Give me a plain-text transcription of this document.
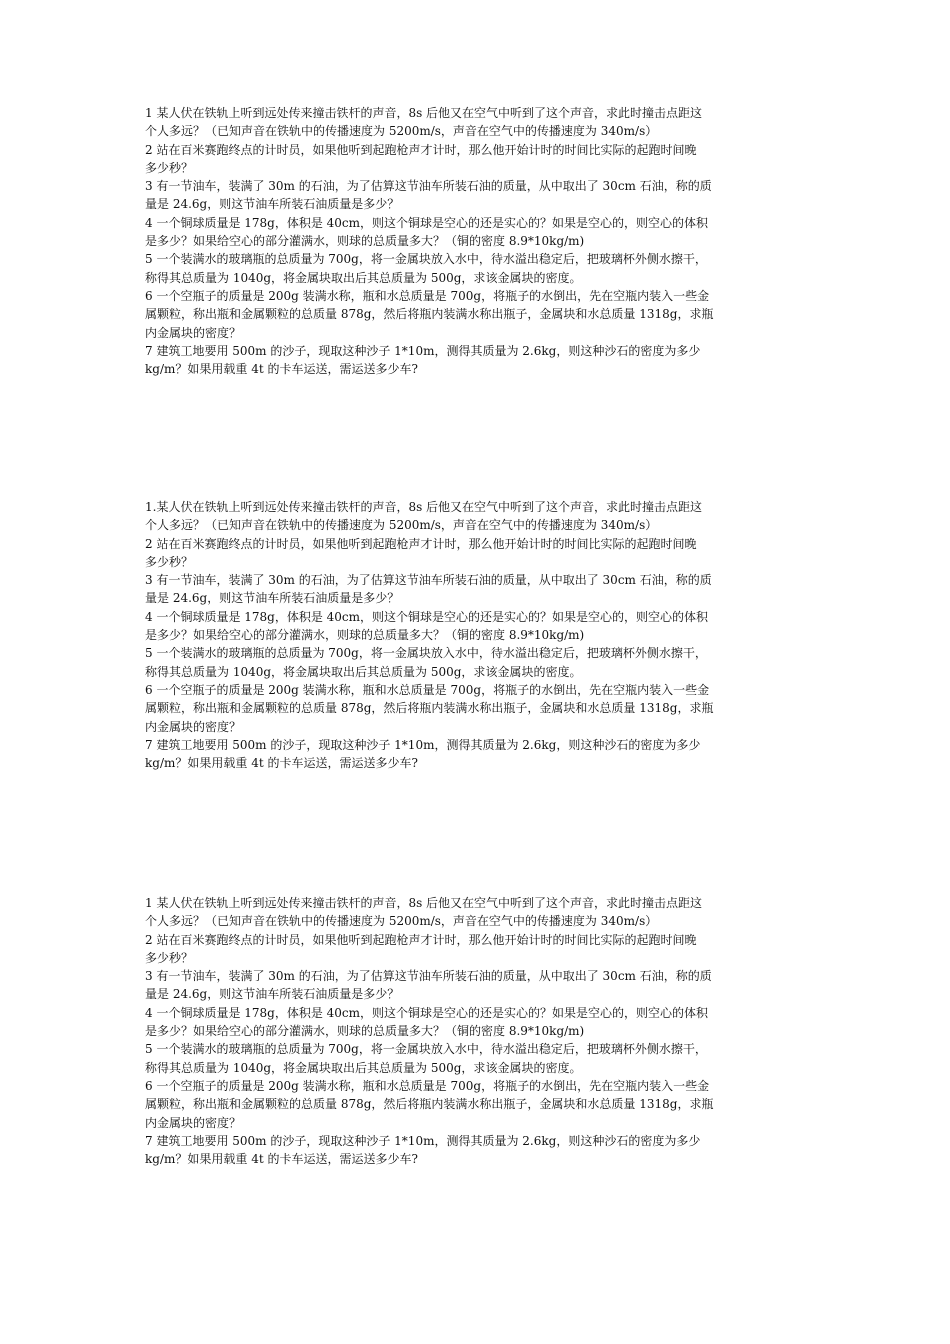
1 某人伏在铁轨上听到远处传来撞击铁杆的声音，8s 后他又在空气中听到了这个声音，求此时撞击点距这

个人多远？（已知声音在铁轨中的传播速度为 5200m/s，声音在空气中的传播速度为 340m/s）

2 站在百米赛跑终点的计时员，如果他听到起跑枪声才计时，那么他开始计时的时间比实际的起跑时间晚

多少秒？

3 有一节油车，装满了 30m 的石油，为了估算这节油车所装石油的质量，从中取出了 30cm 石油，称的质

量是 24.6g，则这节油车所装石油质量是多少？

4 一个铜球质量是 178g，体积是 40cm，则这个铜球是空心的还是实心的？如果是空心的，则空心的体积

是多少？如果给空心的部分灌满水，则球的总质量多大？（铜的密度 8.9*10kg/m)

5 一个装满水的玻璃瓶的总质量为 700g，将一金属块放入水中，待水溢出稳定后，把玻璃杯外侧水擦干，

称得其总质量为 1040g，将金属块取出后其总质量为 500g，求该金属块的密度。

6 一个空瓶子的质量是 200g 装满水称，瓶和水总质量是 700g，将瓶子的水倒出，先在空瓶内装入一些金

属颗粒，称出瓶和金属颗粒的总质量 878g，然后将瓶内装满水称出瓶子，金属块和水总质量 1318g，求瓶

内金属块的密度？

7 建筑工地要用 500m 的沙子，现取这种沙子 1*10m，测得其质量为 2.6kg，则这种沙石的密度为多少

kg/m？如果用载重 4t 的卡车运送，需运送多少车?

1.某人伏在铁轨上听到远处传来撞击铁杆的声音，8s 后他又在空气中听到了这个声音，求此时撞击点距这

个人多远？（已知声音在铁轨中的传播速度为 5200m/s，声音在空气中的传播速度为 340m/s）

2 站在百米赛跑终点的计时员，如果他听到起跑枪声才计时，那么他开始计时的时间比实际的起跑时间晚

多少秒？

3 有一节油车，装满了 30m 的石油，为了估算这节油车所装石油的质量，从中取出了 30cm 石油，称的质

量是 24.6g，则这节油车所装石油质量是多少？

4 一个铜球质量是 178g，体积是 40cm，则这个铜球是空心的还是实心的？如果是空心的，则空心的体积

是多少？如果给空心的部分灌满水，则球的总质量多大？（铜的密度 8.9*10kg/m)

5 一个装满水的玻璃瓶的总质量为 700g，将一金属块放入水中，待水溢出稳定后，把玻璃杯外侧水擦干，

称得其总质量为 1040g，将金属块取出后其总质量为 500g，求该金属块的密度。

6 一个空瓶子的质量是 200g 装满水称，瓶和水总质量是 700g，将瓶子的水倒出，先在空瓶内装入一些金

属颗粒，称出瓶和金属颗粒的总质量 878g，然后将瓶内装满水称出瓶子，金属块和水总质量 1318g，求瓶

内金属块的密度？

7 建筑工地要用 500m 的沙子，现取这种沙子 1*10m，测得其质量为 2.6kg，则这种沙石的密度为多少

kg/m？如果用载重 4t 的卡车运送，需运送多少车?

1 某人伏在铁轨上听到远处传来撞击铁杆的声音，8s 后他又在空气中听到了这个声音，求此时撞击点距这

个人多远？（已知声音在铁轨中的传播速度为 5200m/s，声音在空气中的传播速度为 340m/s）

2 站在百米赛跑终点的计时员，如果他听到起跑枪声才计时，那么他开始计时的时间比实际的起跑时间晚

多少秒？

3 有一节油车，装满了 30m 的石油，为了估算这节油车所装石油的质量，从中取出了 30cm 石油，称的质

量是 24.6g，则这节油车所装石油质量是多少？

4 一个铜球质量是 178g，体积是 40cm，则这个铜球是空心的还是实心的？如果是空心的，则空心的体积

是多少？如果给空心的部分灌满水，则球的总质量多大？（铜的密度 8.9*10kg/m)

5 一个装满水的玻璃瓶的总质量为 700g，将一金属块放入水中，待水溢出稳定后，把玻璃杯外侧水擦干，

称得其总质量为 1040g，将金属块取出后其总质量为 500g，求该金属块的密度。

6 一个空瓶子的质量是 200g 装满水称，瓶和水总质量是 700g，将瓶子的水倒出，先在空瓶内装入一些金

属颗粒，称出瓶和金属颗粒的总质量 878g，然后将瓶内装满水称出瓶子，金属块和水总质量 1318g，求瓶

内金属块的密度？

7 建筑工地要用 500m 的沙子，现取这种沙子 1*10m，测得其质量为 2.6kg，则这种沙石的密度为多少

kg/m？如果用载重 4t 的卡车运送，需运送多少车?
